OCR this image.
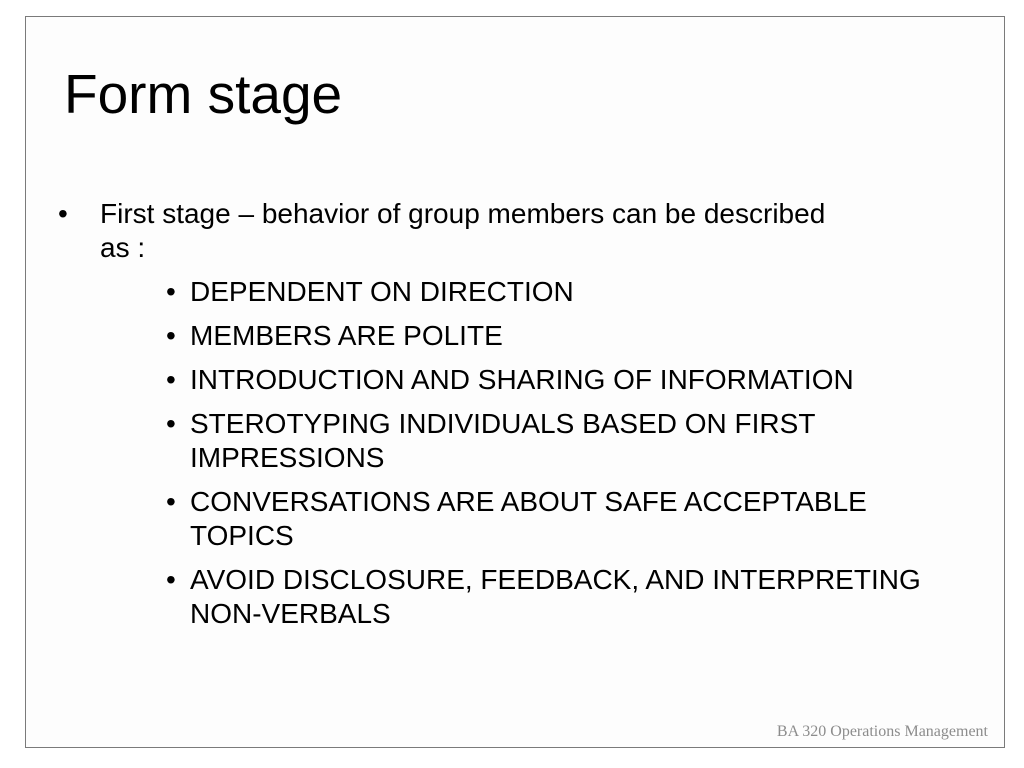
Form stage
•	First stage – behavior of group members can be described as :
• DEPENDENT ON DIRECTION
• MEMBERS ARE POLITE
• INTRODUCTION AND SHARING OF INFORMATION
• STEROTYPING INDIVIDUALS BASED ON FIRST IMPRESSIONS
• CONVERSATIONS ARE ABOUT SAFE ACCEPTABLE TOPICS
• AVOID DISCLOSURE, FEEDBACK, AND INTERPRETING NON-VERBALS
BA 320 Operations Management
